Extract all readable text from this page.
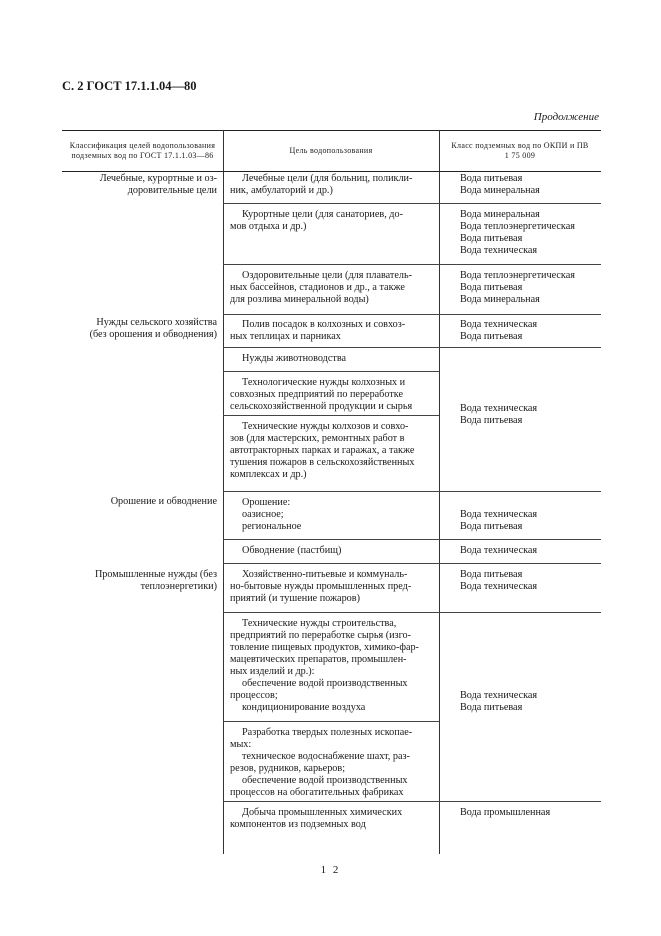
С. 2 ГОСТ 17.1.1.04—80
Продолжение
Классификация целей водопользования подземных вод по ГОСТ 17.1.1.03—86
Цель водопользования
Класс подземных вод по ОКПИ и ПВ 1 75 009
Лечебные, курортные и оз-
доровительные цели
Нужды сельского хозяйства
(без орошения и обводнения)
Орошение и обводнение
Промышленные нужды (без
теплоэнергетики)
Лечебные цели (для больниц, поликли-
ник, амбулаторий и др.)
Курортные цели (для санаториев, до-
мов отдыха и др.)
Оздоровительные цели (для плаватель-
ных бассейнов, стадионов и др., а также
для розлива минеральной воды)
Полив посадок в колхозных и совхоз-
ных теплицах и парниках
Нужды животноводства
Технологические нужды колхозных и
совхозных предприятий по переработке
сельскохозяйственной продукции и сырья
Технические нужды колхозов и совхо-
зов (для мастерских, ремонтных работ в
автотракторных парках и гаражах, а также
тушения пожаров в сельскохозяйственных
комплексах и др.)
Орошение:
оазисное;
региональное
Обводнение (пастбищ)
Хозяйственно-питьевые и коммуналь-
но-бытовые нужды промышленных пред-
приятий (и тушение пожаров)
Технические нужды строительства,
предприятий по переработке сырья (изго-
товление пищевых продуктов, химико-фар-
мацевтических препаратов, промышлен-
ных изделий и др.):
обеспечение водой производственных
процессов;
кондиционирование воздуха
Разработка твердых полезных ископае-
мых:
техническое водоснабжение шахт, раз-
резов, рудников, карьеров;
обеспечение водой производственных
процессов на обогатительных фабриках
Добыча промышленных химических
компонентов из подземных вод
Вода питьевая
Вода минеральная
Вода минеральная
Вода теплоэнергетическая
Вода питьевая
Вода техническая
Вода теплоэнергетическая
Вода питьевая
Вода минеральная
Вода техническая
Вода питьевая
Вода техническая
Вода питьевая
Вода техническая
Вода питьевая
Вода техническая
Вода питьевая
Вода техническая
Вода техническая
Вода питьевая
Вода промышленная
1 2
